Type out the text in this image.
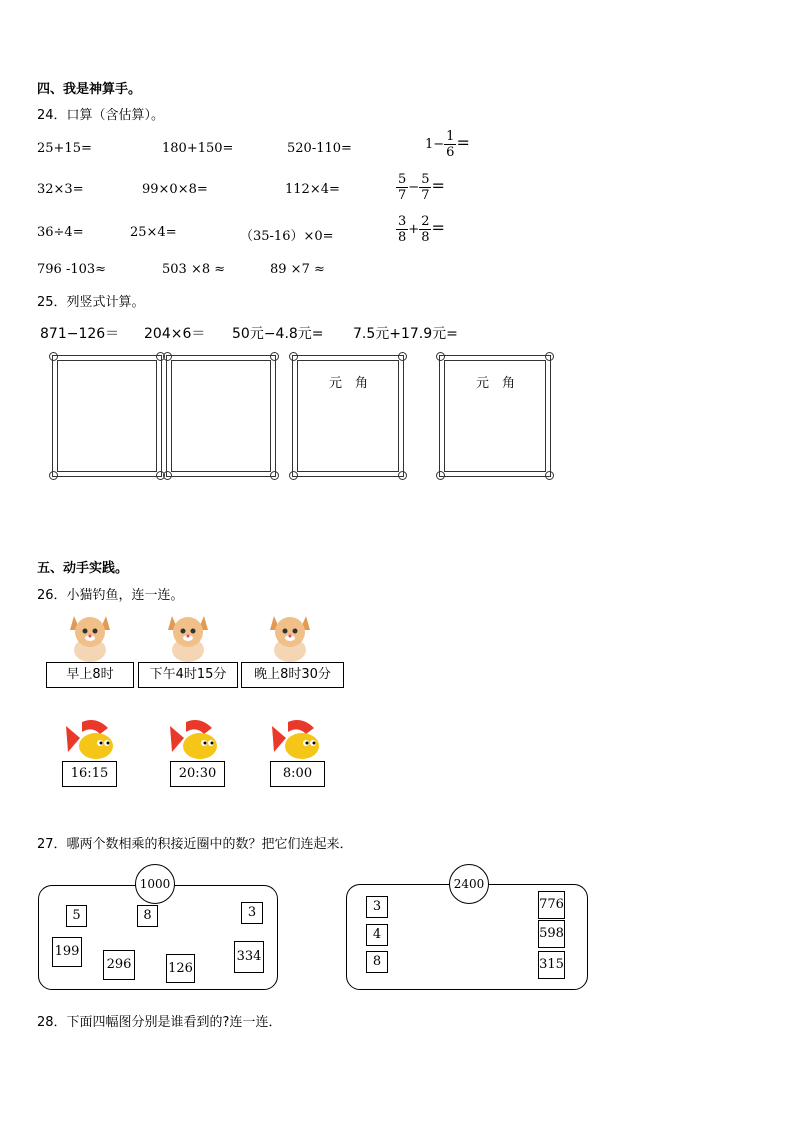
四、我是神算手。
24．口算（含估算）。
25+15=	180+150=	520-110=	$1- \frac{1}{6}$ =
32×3=	99×0×8=	112×4=	$\frac{5}{7} - \frac{5}{7}$ =
36÷4=	25×4=	（35-16）×0=	$\frac{3}{8} + \frac{2}{8}$ =
796 -103≈	503 ×8 ≈	89 ×7 ≈
25．列竖式计算。
871−126＝ 204×6＝ 50元−4.8元= 7.5元+17.9元=
元　角	元　角
五、动手实践。
26．小猫钓鱼，连一连。
早上8时	下午4时15分	晚上8时30分
16:15	20:30	8:00
27．哪两个数相乘的积接近圈中的数？把它们连起来．
1000
5	8	3
199
296	126
334
2400
3
4
8
776
598
315
28．下面四幅图分别是谁看到的?连一连．
